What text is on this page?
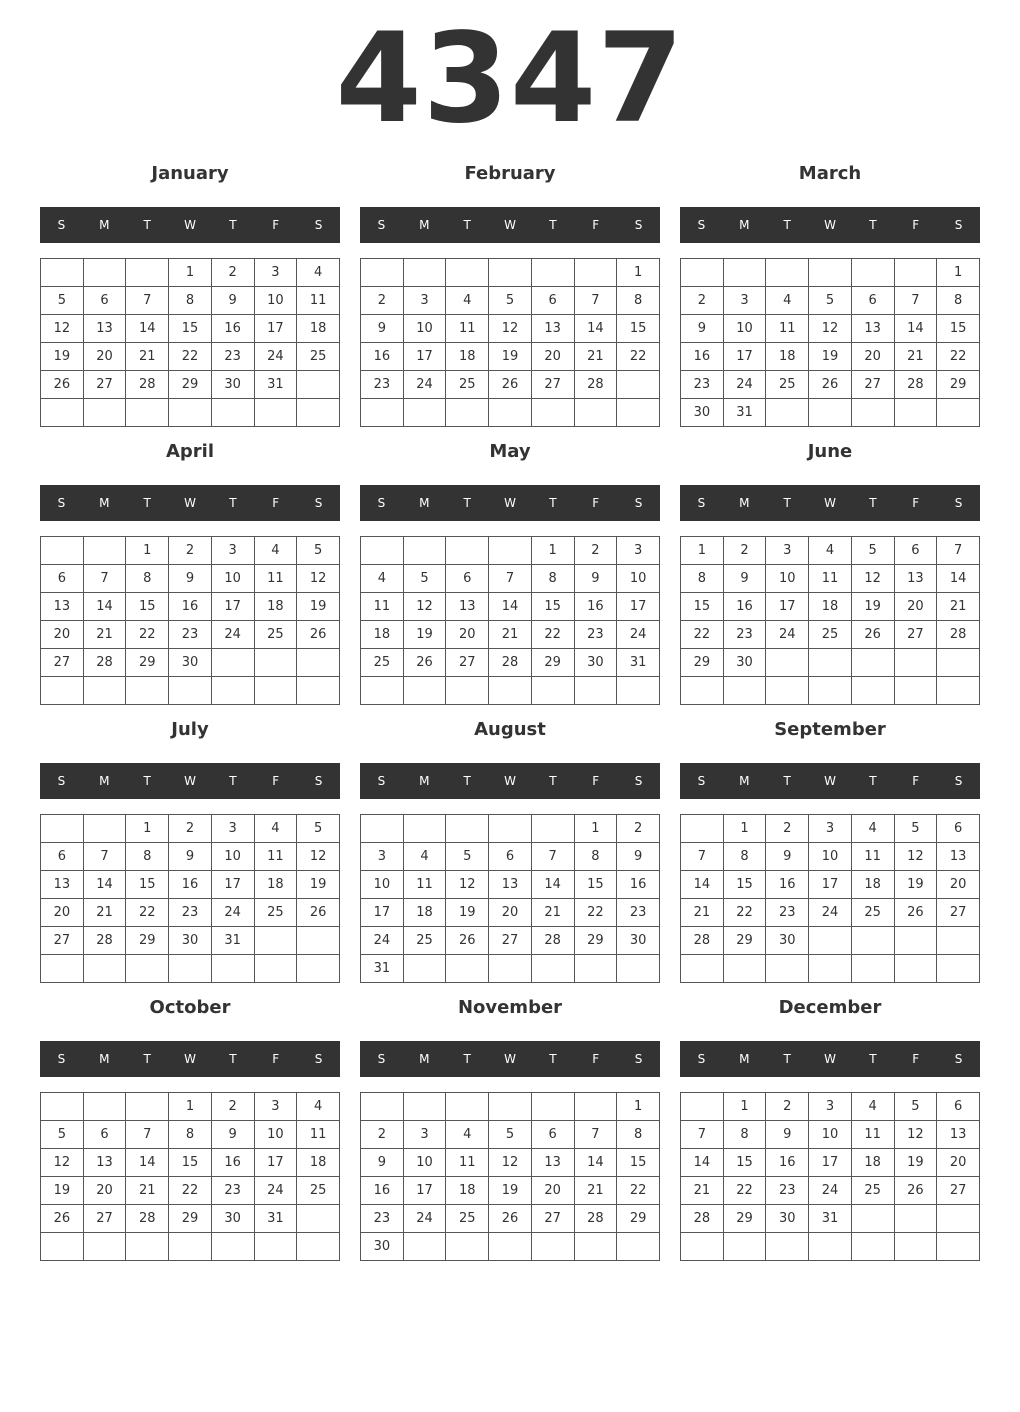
4347
January
S	M	T	W	T	F	S
			1	2	3	4
5	6	7	8	9	10	11
12	13	14	15	16	17	18
19	20	21	22	23	24	25
26	27	28	29	30	31	

February
S	M	T	W	T	F	S
						1
2	3	4	5	6	7	8
9	10	11	12	13	14	15
16	17	18	19	20	21	22
23	24	25	26	27	28	

March
S	M	T	W	T	F	S
						1
2	3	4	5	6	7	8
9	10	11	12	13	14	15
16	17	18	19	20	21	22
23	24	25	26	27	28	29
30	31					
April
S	M	T	W	T	F	S
		1	2	3	4	5
6	7	8	9	10	11	12
13	14	15	16	17	18	19
20	21	22	23	24	25	26
27	28	29	30			

May
S	M	T	W	T	F	S
				1	2	3
4	5	6	7	8	9	10
11	12	13	14	15	16	17
18	19	20	21	22	23	24
25	26	27	28	29	30	31

June
S	M	T	W	T	F	S
1	2	3	4	5	6	7
8	9	10	11	12	13	14
15	16	17	18	19	20	21
22	23	24	25	26	27	28
29	30					

July
S	M	T	W	T	F	S
		1	2	3	4	5
6	7	8	9	10	11	12
13	14	15	16	17	18	19
20	21	22	23	24	25	26
27	28	29	30	31		

August
S	M	T	W	T	F	S
					1	2
3	4	5	6	7	8	9
10	11	12	13	14	15	16
17	18	19	20	21	22	23
24	25	26	27	28	29	30
31						
September
S	M	T	W	T	F	S
	1	2	3	4	5	6
7	8	9	10	11	12	13
14	15	16	17	18	19	20
21	22	23	24	25	26	27
28	29	30				

October
S	M	T	W	T	F	S
			1	2	3	4
5	6	7	8	9	10	11
12	13	14	15	16	17	18
19	20	21	22	23	24	25
26	27	28	29	30	31	

November
S	M	T	W	T	F	S
						1
2	3	4	5	6	7	8
9	10	11	12	13	14	15
16	17	18	19	20	21	22
23	24	25	26	27	28	29
30						
December
S	M	T	W	T	F	S
	1	2	3	4	5	6
7	8	9	10	11	12	13
14	15	16	17	18	19	20
21	22	23	24	25	26	27
28	29	30	31			
